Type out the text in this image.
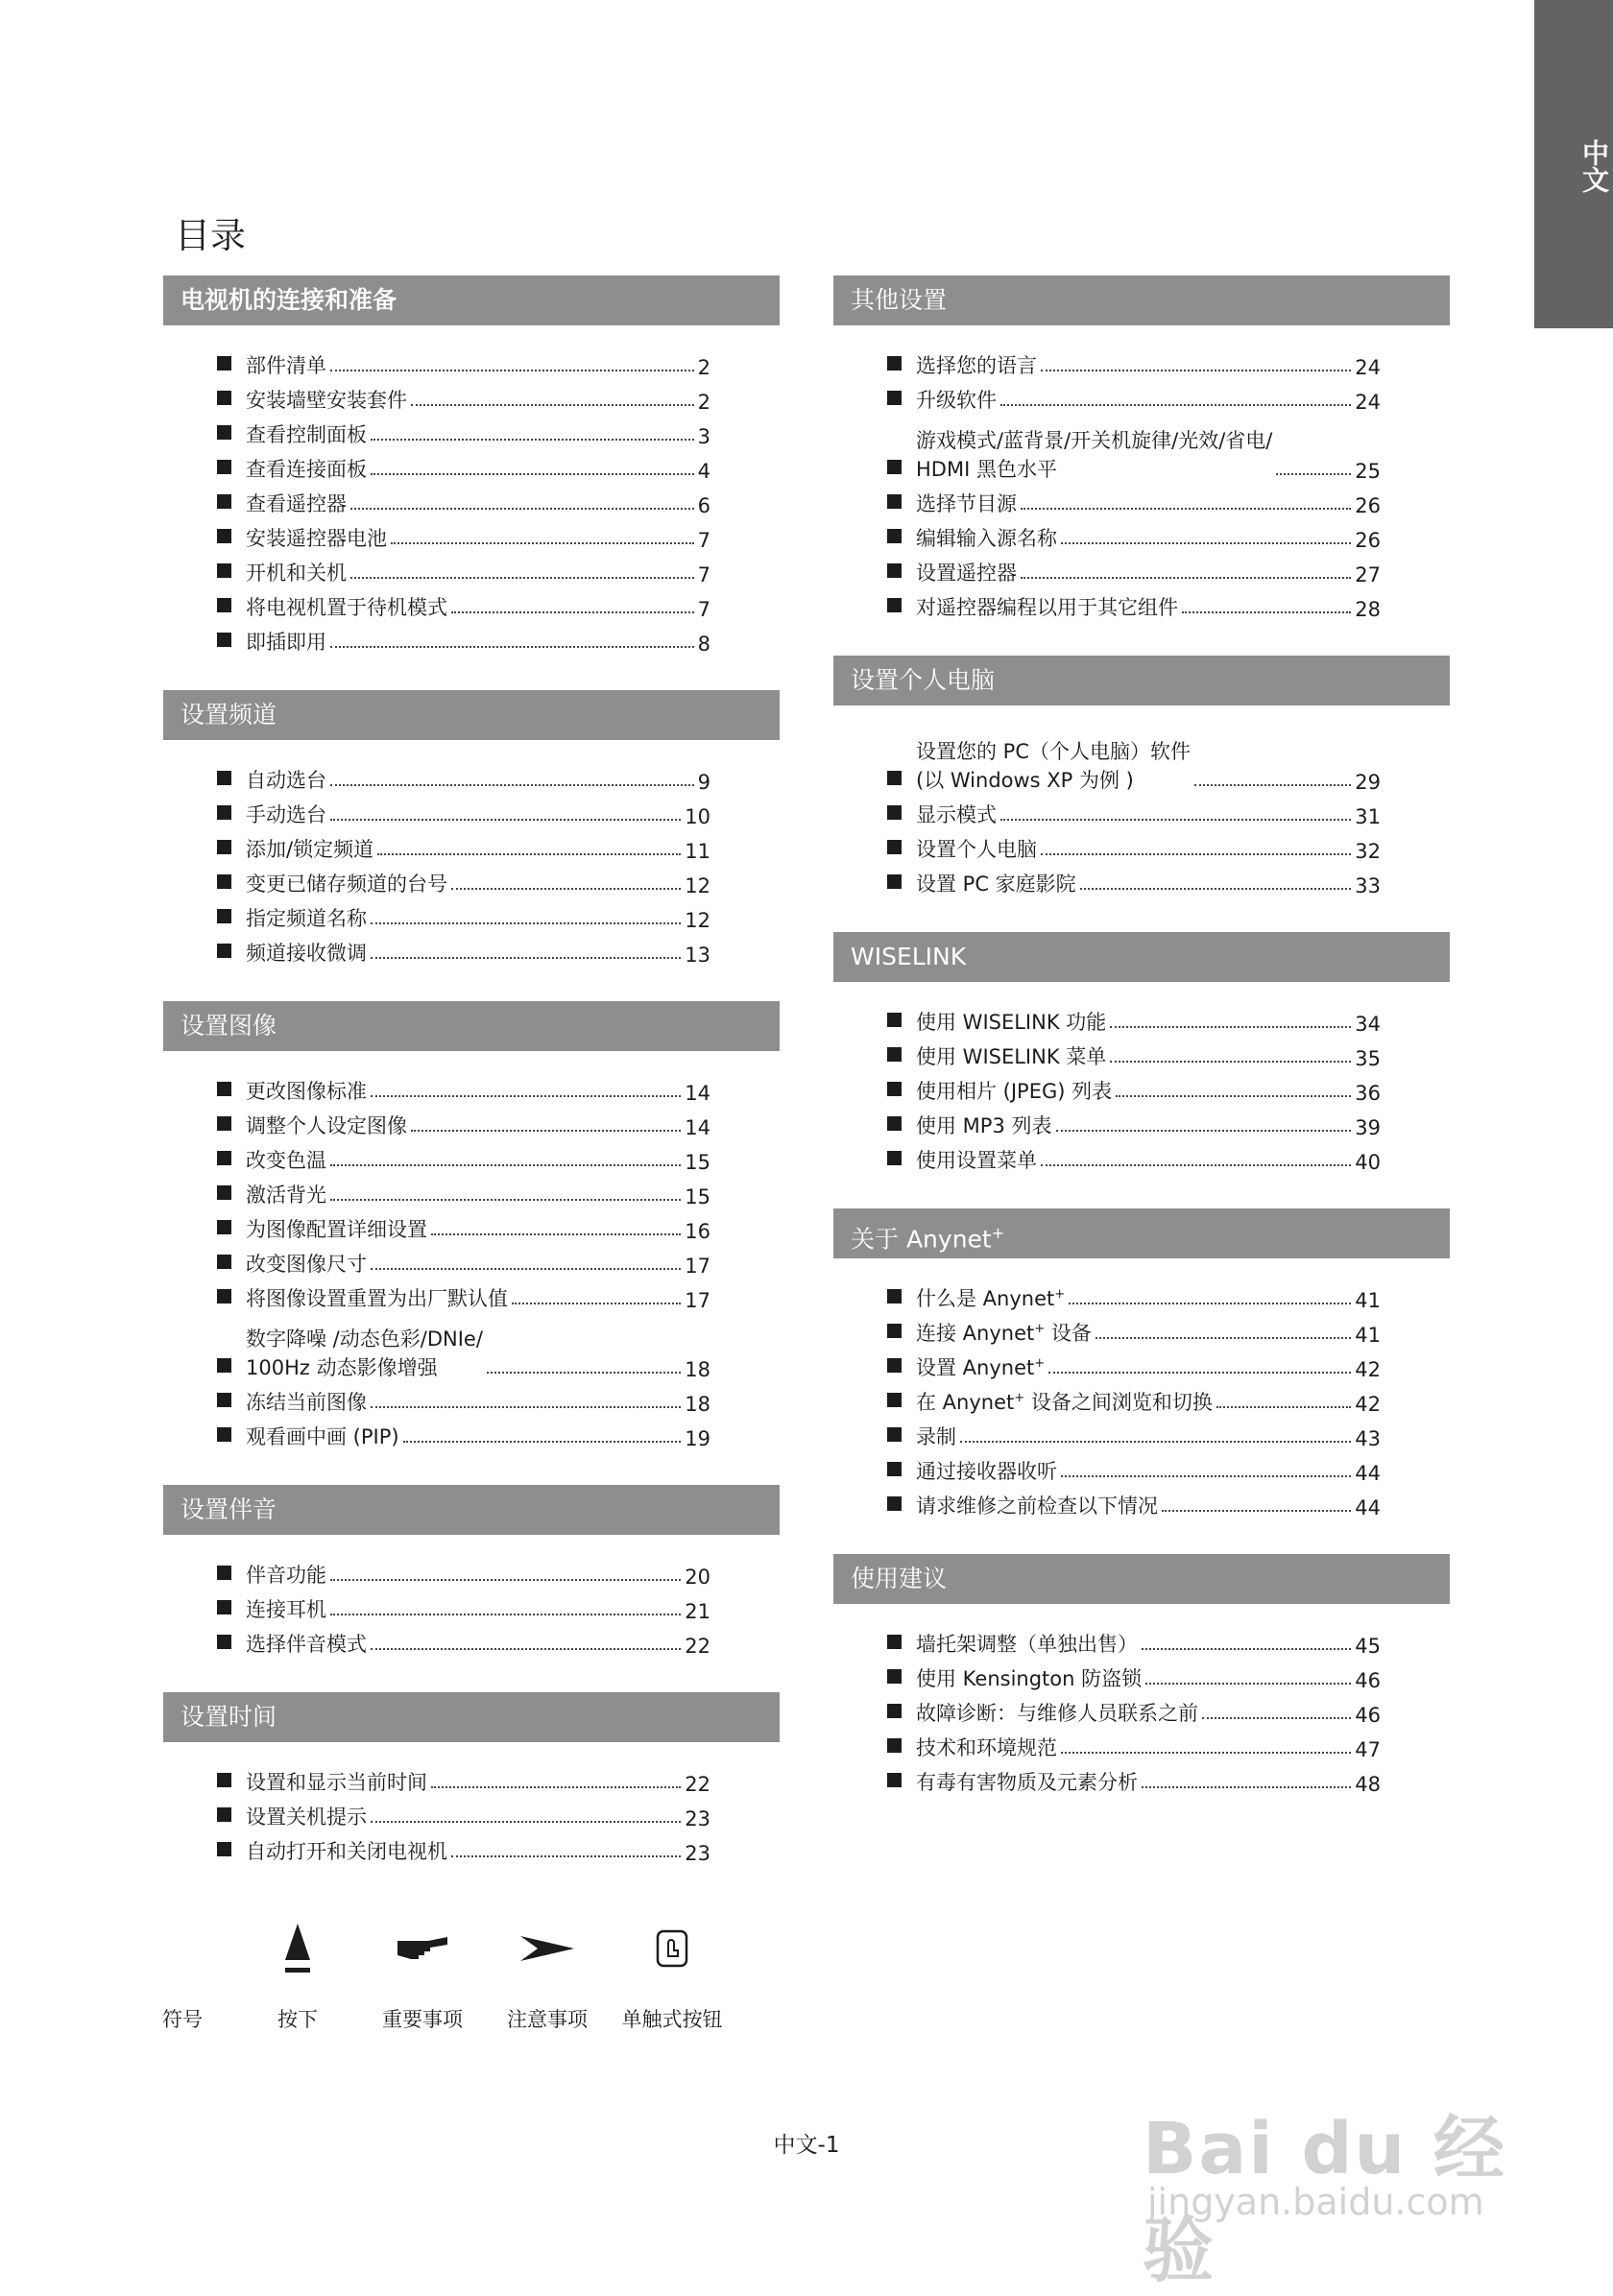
中文
目录
电视机的连接和准备
部件清单	2
安装墙壁安装套件	2
查看控制面板	3
查看连接面板	4
查看遥控器	6
安装遥控器电池	7
开机和关机	7
将电视机置于待机模式	7
即插即用	8
设置频道
自动选台	9
手动选台	10
添加/锁定频道	11
变更已储存频道的台号	12
指定频道名称	12
频道接收微调	13
设置图像
更改图像标准	14
调整个人设定图像	14
改变色温	15
激活背光	15
为图像配置详细设置	16
改变图像尺寸	17
将图像设置重置为出厂默认值	17
数字降噪 /动态色彩/DNIe/
100Hz 动态影像增强	18
冻结当前图像	18
观看画中画 (PIP)	19
设置伴音
伴音功能	20
连接耳机	21
选择伴音模式	22
设置时间
设置和显示当前时间	22
设置关机提示	23
自动打开和关闭电视机	23
其他设置
选择您的语言	24
升级软件	24
游戏模式/蓝背景/开关机旋律/光效/省电/
HDMI 黑色水平	25
选择节目源	26
编辑输入源名称	26
设置遥控器	27
对遥控器编程以用于其它组件	28
设置个人电脑
设置您的 PC（个人电脑）软件
(以 Windows XP 为例 )	29
显示模式	31
设置个人电脑	32
设置 PC 家庭影院	33
WISELINK
使用 WISELINK 功能	34
使用 WISELINK 菜单	35
使用相片 (JPEG) 列表	36
使用 MP3 列表	39
使用设置菜单	40
关于 Anynet+
什么是 Anynet+	41
连接 Anynet+ 设备	41
设置 Anynet+	42
在 Anynet+ 设备之间浏览和切换	42
录制	43
通过接收器收听	44
请求维修之前检查以下情况	44
使用建议
墙托架调整（单独出售）	45
使用 Kensington 防盗锁	46
故障诊断：与维修人员联系之前	46
技术和环境规范	47
有毒有害物质及元素分析	48
符号	按下	重要事项	注意事项	单触式按钮
中文-1	Bai du 经验
jingyan.baidu.com
